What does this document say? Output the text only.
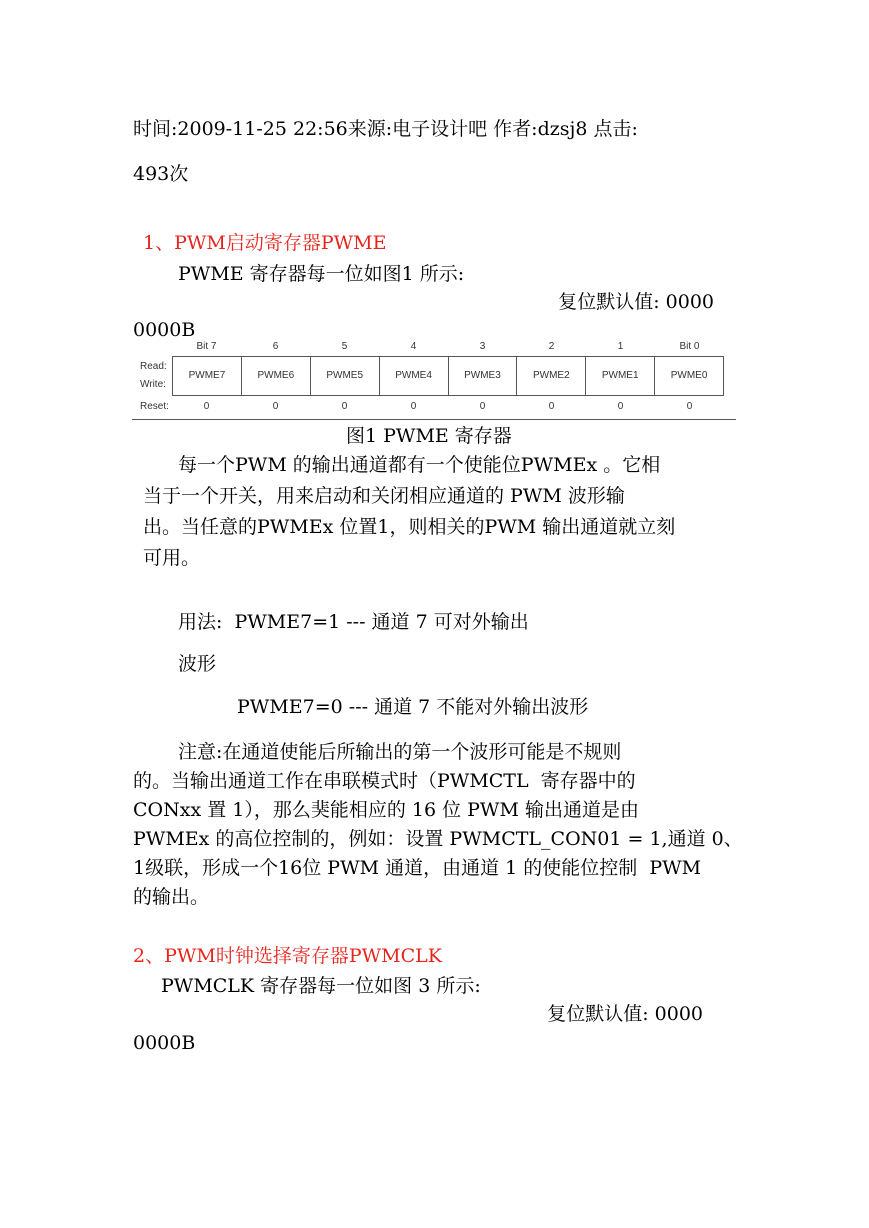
时间:2009-11-25 22:56来源:电子设计吧 作者:dzsj8 点击:
493次
1、PWM启动寄存器PWME
PWME 寄存器每一位如图1 所示:
复位默认值: 0000
0000B
Bit 7	6	5	4	3	2	1	Bit 0
Read:
Write:
PWME7	PWME6	PWME5	PWME4	PWME3	PWME2	PWME1	PWME0
Reset:	0	0	0	0	0	0	0	0
图1 PWME 寄存器
每一个PWM 的输出通道都有一个使能位PWMEx 。它相
当于一个开关，用来启动和关闭相应通道的 PWM 波形输
出。当任意的PWMEx 位置1，则相关的PWM 输出通道就立刻
可用。
用法:  PWME7=1 --- 通道 7 可对外输出
波形
PWME7=0 --- 通道 7 不能对外输出波形
注意:在通道使能后所输出的第一个波形可能是不规则
的。当输出通道工作在串联模式时（PWMCTL  寄存器中的
CONxx 置 1），那么猆能相应的 16 位 PWM 输出通道是由
PWMEx 的高位控制的，例如：设置 PWMCTL_CON01 = 1,通道 0、
1级联，形成一个16位 PWM 通道，由通道 1 的使能位控制  PWM
的输出。
2、PWM时钟选择寄存器PWMCLK
PWMCLK 寄存器每一位如图 3 所示:
复位默认值: 0000
0000B
